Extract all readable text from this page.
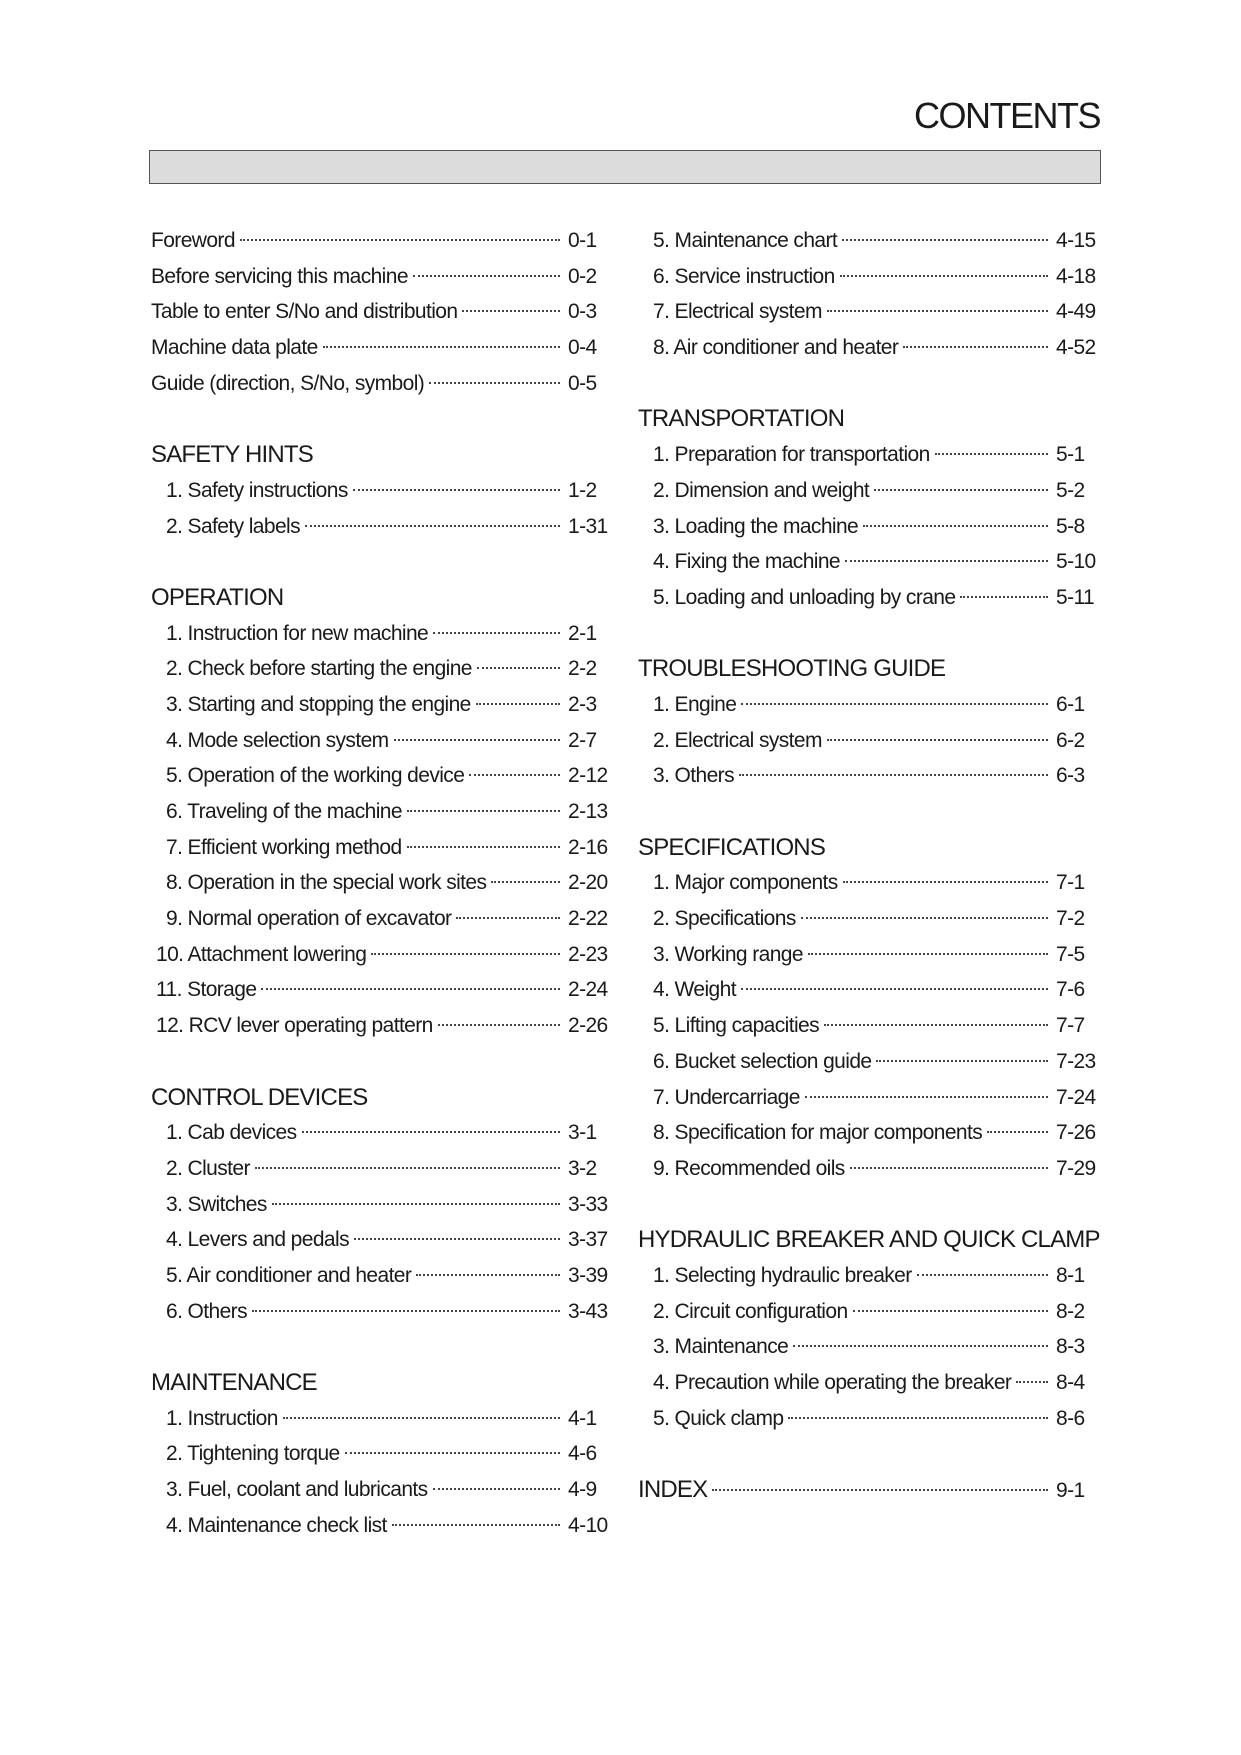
CONTENTS
Foreword	0-1
Before servicing this machine	0-2
Table to enter S/No and distribution	0-3
Machine data plate	0-4
Guide (direction, S/No, symbol)	0-5
SAFETY HINTS
1. Safety instructions	1-2
2. Safety labels	1-31
OPERATION
1. Instruction for new machine	2-1
2. Check before starting the engine	2-2
3. Starting and stopping the engine	2-3
4. Mode selection system	2-7
5. Operation of the working device	2-12
6. Traveling of the machine	2-13
7. Efficient working method	2-16
8. Operation in the special work sites	2-20
9. Normal operation of excavator	2-22
10. Attachment lowering	2-23
11. Storage	2-24
12. RCV lever operating pattern	2-26
CONTROL DEVICES
1. Cab devices	3-1
2. Cluster	3-2
3. Switches	3-33
4. Levers and pedals	3-37
5. Air conditioner and heater	3-39
6. Others	3-43
MAINTENANCE
1. Instruction	4-1
2. Tightening torque	4-6
3. Fuel, coolant and lubricants	4-9
4. Maintenance check list	4-10
5. Maintenance chart	4-15
6. Service instruction	4-18
7. Electrical system	4-49
8. Air conditioner and heater	4-52
TRANSPORTATION
1. Preparation for transportation	5-1
2. Dimension and weight	5-2
3. Loading the machine	5-8
4. Fixing the machine	5-10
5. Loading and unloading by crane	5-11
TROUBLESHOOTING GUIDE
1. Engine	6-1
2. Electrical system	6-2
3. Others	6-3
SPECIFICATIONS
1. Major components	7-1
2. Specifications	7-2
3. Working range	7-5
4. Weight	7-6
5. Lifting capacities	7-7
6. Bucket selection guide	7-23
7. Undercarriage	7-24
8. Specification for major components	7-26
9. Recommended oils	7-29
HYDRAULIC BREAKER AND QUICK CLAMP
1. Selecting hydraulic breaker	8-1
2. Circuit configuration	8-2
3. Maintenance	8-3
4. Precaution while operating the breaker 8-4
5. Quick clamp	8-6
INDEX	9-1
